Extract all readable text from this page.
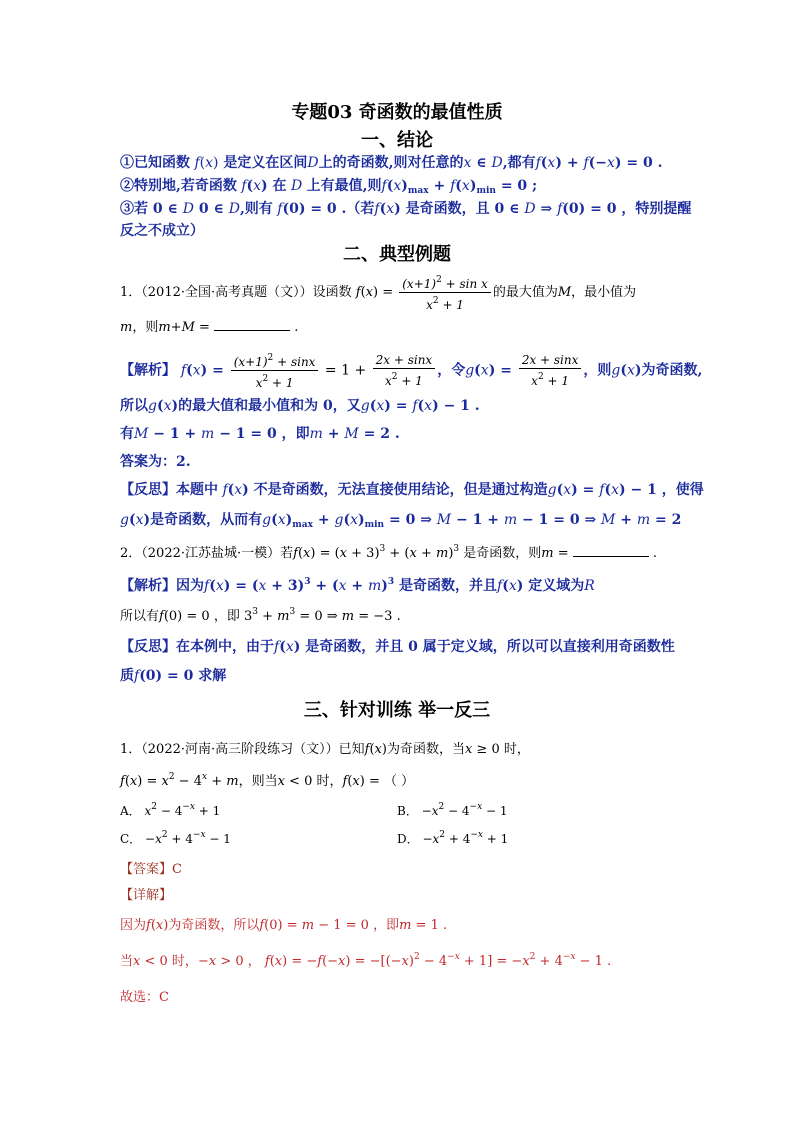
专题03 奇函数的最值性质
一、结论
①已知函数 f(x) 是定义在区间D上的奇函数,则对任意的x ∈ D,都有f(x) + f(−x) = 0 .
②特别地,若奇函数 f(x) 在 D 上有最值,则$f(x)_{max} + f(x)_{min} = 0$ ;
③若 0 ∈ D 0 ∈ D,则有 f(0) = 0 .（若f(x) 是奇函数，且 0 ∈ D ⇒ f(0) = 0 ，特别提醒
反之不成立）
二、典型例题
1．（2012·全国·高考真题（文））设函数 $f(x) = \frac{(x+1)^2 + \sin x}{x^2 + 1}$ 的最大值为M，最小值为
m，则m+M =	.
【解析】 $f(x) = \frac{(x+1)^2 + \sin x}{x^2 + 1} = 1 + \frac{2x + \sin x}{x^2 + 1}$ ，令$g(x) = \frac{2x + \sin x}{x^2 + 1}$ ，则g(x)为奇函数,
所以g(x)的最大值和最小值和为 0，又g(x) = f(x) − 1 .
有M − 1 + m − 1 = 0 ，即m + M = 2 .
答案为：2.
【反思】本题中 f(x) 不是奇函数，无法直接使用结论，但是通过构造g(x) = f(x) − 1 ，使得
g(x)是奇函数，从而有$g(x)_{max} + g(x)_{min} = 0$ ⇒ M − 1 + m − 1 = 0 ⇒ M + m = 2
2．（2022·江苏盐城·一模）若$f(x) = (x + 3)^3 + (x + m)^3$ 是奇函数，则m =	.
【解析】因为$f(x) = (x + 3)^3 + (x + m)^3$ 是奇函数，并且f(x) 定义域为R
所以有f(0) = 0 ，即 $3^3 + m^3 = 0$ ⇒ m = −3 .
【反思】在本例中，由于f(x) 是奇函数，并且 0 属于定义域，所以可以直接利用奇函数性
质f(0) = 0 求解
三、针对训练 举一反三
1．（2022·河南·高三阶段练习（文））已知f(x)为奇函数，当x ≥ 0 时，
$f(x) = x^2 - 4^x + m$，则当x < 0 时，f(x) = （ ）
A． $x^2 - 4^{-x} + 1$	B． $-x^2 - 4^{-x} - 1$
C． $-x^2 + 4^{-x} - 1$	D． $-x^2 + 4^{-x} + 1$
【答案】C
【详解】
因为f(x)为奇函数，所以f(0) = m − 1 = 0 ，即m = 1 .
当x < 0 时，−x > 0 ， $f(x) = -f(-x) = -[(-x)^2 - 4^{-x} + 1] = -x^2 + 4^{-x} - 1$ .
故选：C
